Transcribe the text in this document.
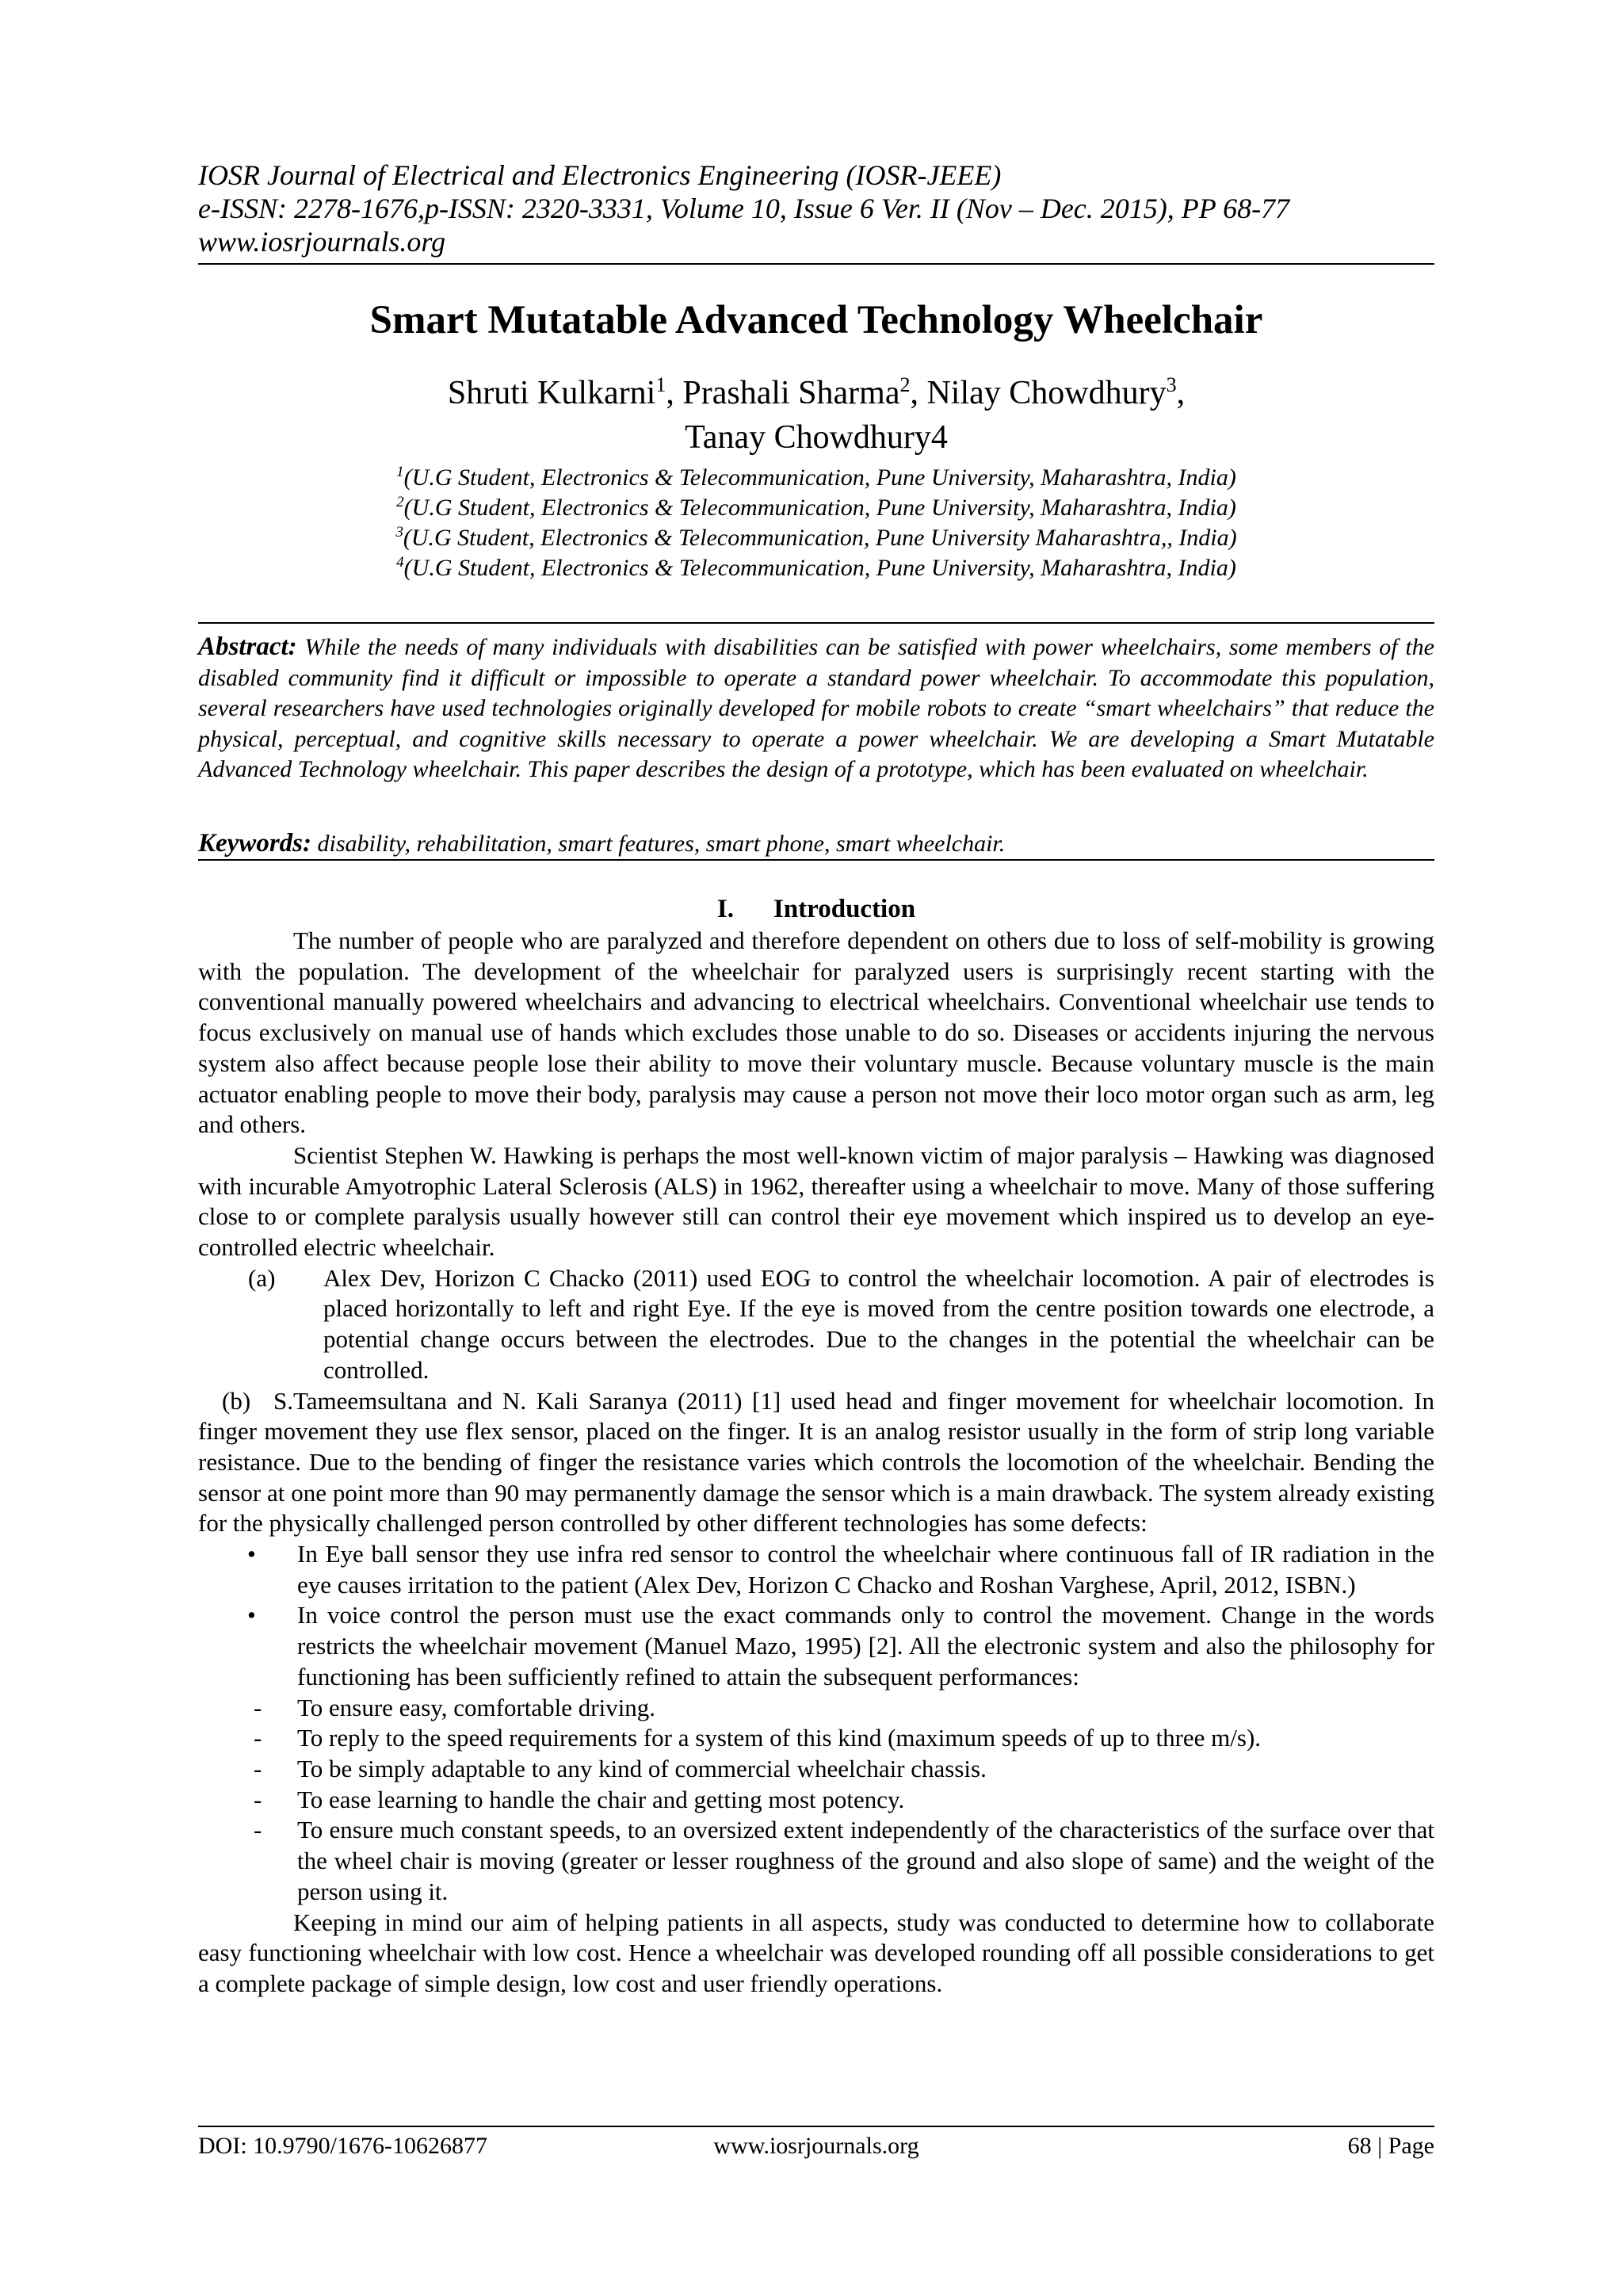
IOSR Journal of Electrical and Electronics Engineering (IOSR-JEEE)
e-ISSN: 2278-1676,p-ISSN: 2320-3331, Volume 10, Issue 6 Ver. II (Nov – Dec. 2015), PP 68-77
www.iosrjournals.org
Smart Mutatable Advanced Technology Wheelchair
Shruti Kulkarni$^1$, Prashali Sharma$^2$, Nilay Chowdhury$^3$,
Tanay Chowdhury4
$^1$(U.G Student, Electronics & Telecommunication, Pune University, Maharashtra, India)
$^2$(U.G Student, Electronics & Telecommunication, Pune University, Maharashtra, India)
$^3$(U.G Student, Electronics & Telecommunication, Pune University Maharashtra,, India)
$^4$(U.G Student, Electronics & Telecommunication, Pune University, Maharashtra, India)
Abstract: While the needs of many individuals with disabilities can be satisfied with power wheelchairs, some members of the disabled community find it difficult or impossible to operate a standard power wheelchair. To accommodate this population, several researchers have used technologies originally developed for mobile robots to create “smart wheelchairs” that reduce the physical, perceptual, and cognitive skills necessary to operate a power wheelchair. We are developing a Smart Mutatable Advanced Technology wheelchair. This paper describes the design of a prototype, which has been evaluated on wheelchair.
Keywords: disability, rehabilitation, smart features, smart phone, smart wheelchair.
I. Introduction

The number of people who are paralyzed and therefore dependent on others due to loss of self-mobility is growing with the population. The development of the wheelchair for paralyzed users is surprisingly recent starting with the conventional manually powered wheelchairs and advancing to electrical wheelchairs. Conventional wheelchair use tends to focus exclusively on manual use of hands which excludes those unable to do so. Diseases or accidents injuring the nervous system also affect because people lose their ability to move their voluntary muscle. Because voluntary muscle is the main actuator enabling people to move their body, paralysis may cause a person not move their loco motor organ such as arm, leg and others.

Scientist Stephen W. Hawking is perhaps the most well-known victim of major paralysis – Hawking was diagnosed with incurable Amyotrophic Lateral Sclerosis (ALS) in 1962, thereafter using a wheelchair to move. Many of those suffering close to or complete paralysis usually however still can control their eye movement which inspired us to develop an eye-controlled electric wheelchair.

(a) Alex Dev, Horizon C Chacko (2011) used EOG to control the wheelchair locomotion. A pair of electrodes is placed horizontally to left and right Eye. If the eye is moved from the centre position towards one electrode, a potential change occurs between the electrodes. Due to the changes in the potential the wheelchair can be controlled.

(b) S.Tameemsultana and N. Kali Saranya (2011) [1] used head and finger movement for wheelchair locomotion. In finger movement they use flex sensor, placed on the finger. It is an analog resistor usually in the form of strip long variable resistance. Due to the bending of finger the resistance varies which controls the locomotion of the wheelchair. Bending the sensor at one point more than 90 may permanently damage the sensor which is a main drawback. The system already existing for the physically challenged person controlled by other different technologies has some defects:

• In Eye ball sensor they use infra red sensor to control the wheelchair where continuous fall of IR radiation in the eye causes irritation to the patient (Alex Dev, Horizon C Chacko and Roshan Varghese, April, 2012, ISBN.)

• In voice control the person must use the exact commands only to control the movement. Change in the words restricts the wheelchair movement (Manuel Mazo, 1995) [2]. All the electronic system and also the philosophy for functioning has been sufficiently refined to attain the subsequent performances:

- To ensure easy, comfortable driving.

- To reply to the speed requirements for a system of this kind (maximum speeds of up to three m/s).

- To be simply adaptable to any kind of commercial wheelchair chassis.

- To ease learning to handle the chair and getting most potency.

- To ensure much constant speeds, to an oversized extent independently of the characteristics of the surface over that the wheel chair is moving (greater or lesser roughness of the ground and also slope of same) and the weight of the person using it.

Keeping in mind our aim of helping patients in all aspects, study was conducted to determine how to collaborate easy functioning wheelchair with low cost. Hence a wheelchair was developed rounding off all possible considerations to get a complete package of simple design, low cost and user friendly operations.

DOI: 10.9790/1676-10626877	www.iosrjournals.org	68 | Page
